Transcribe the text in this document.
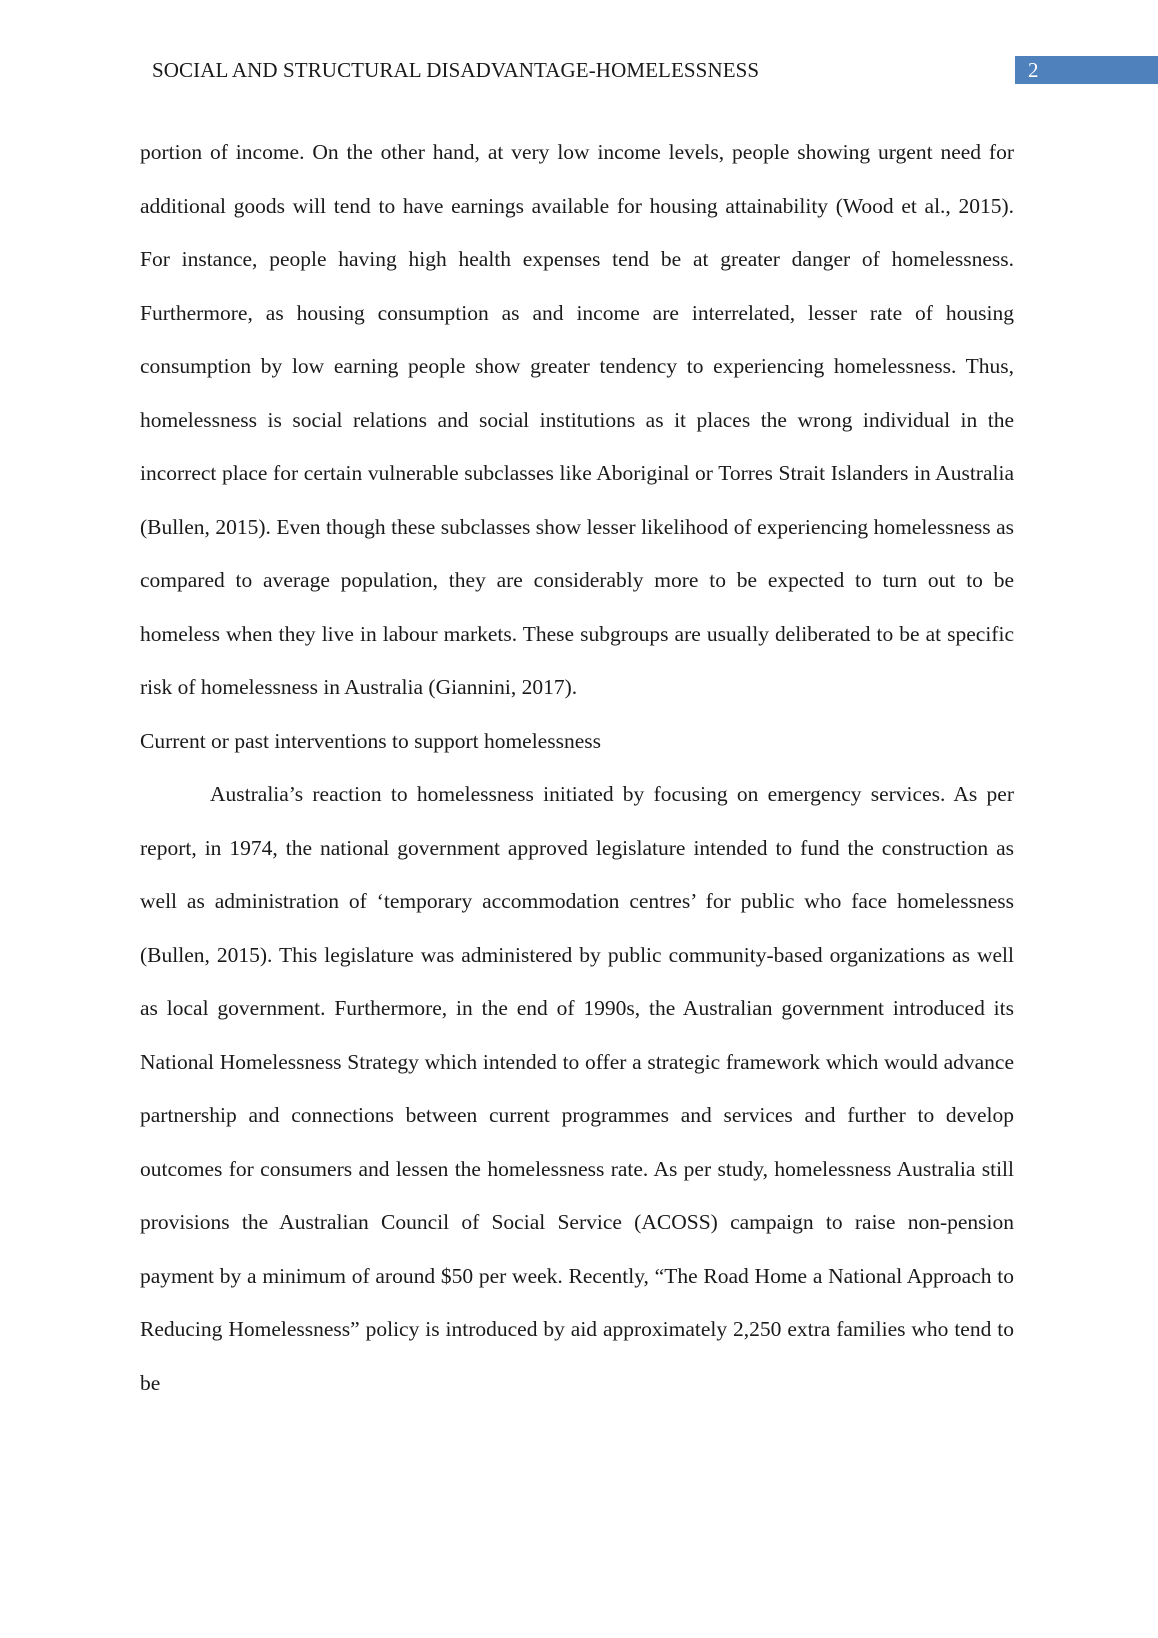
SOCIAL AND STRUCTURAL DISADVANTAGE-HOMELESSNESS	2

portion of income. On the other hand, at very low income levels, people showing urgent need for additional goods will tend to have earnings available for housing attainability (Wood et al., 2015). For instance, people having high health expenses tend be at greater danger of homelessness. Furthermore, as housing consumption as and income are interrelated, lesser rate of housing consumption by low earning people show greater tendency to experiencing homelessness. Thus, homelessness is social relations and social institutions as it places the wrong individual in the incorrect place for certain vulnerable subclasses like Aboriginal or Torres Strait Islanders in Australia (Bullen, 2015). Even though these subclasses show lesser likelihood of experiencing homelessness as compared to average population, they are considerably more to be expected to turn out to be homeless when they live in labour markets. These subgroups are usually deliberated to be at specific risk of homelessness in Australia (Giannini, 2017).

Current or past interventions to support homelessness

Australia’s reaction to homelessness initiated by focusing on emergency services. As per report, in 1974, the national government approved legislature intended to fund the construction as well as administration of ‘temporary accommodation centres’ for public who face homelessness (Bullen, 2015). This legislature was administered by public community-based organizations as well as local government. Furthermore, in the end of 1990s, the Australian government introduced its National Homelessness Strategy which intended to offer a strategic framework which would advance partnership and connections between current programmes and services and further to develop outcomes for consumers and lessen the homelessness rate. As per study, homelessness Australia still provisions the Australian Council of Social Service (ACOSS) campaign to raise non-pension payment by a minimum of around $50 per week. Recently, “The Road Home a National Approach to Reducing Homelessness” policy is introduced by aid approximately 2,250 extra families who tend to be
